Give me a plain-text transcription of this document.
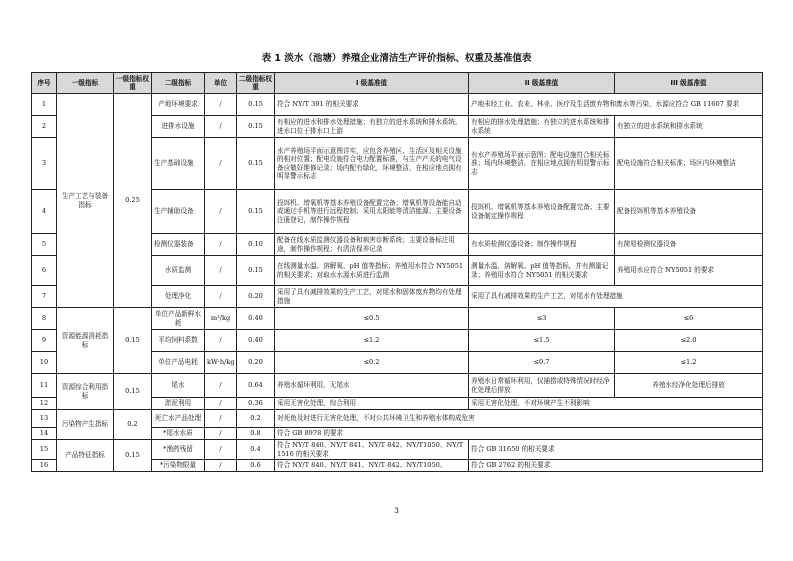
表 1 淡水（池塘）养殖企业清洁生产评价指标、权重及基准值表
序号	一级指标	一级指标权重	二级指标	单位	二级指标权重	I 级基准值	II 级基准值	III 级基准值
1	生产工艺与装备指标	0.25	产地环境要求	/	0.15	符合 NY/T 391 的相关要求	产地未经工业、农业、林业、医疗及生活废弃物和废水等污染，水源应符合 GB 11607 要求	
2			进排水设施	/	0.15	有相应的进水和排水处理措施；有独立的进水系统和排水系统，进水口位于排水口上游	有相应的排水处理措施；有独立的进水系统和排水系统	有独立的进水系统和排水系统
3			生产基础设施	/	0.15	水产养殖场平面示意图详实，应包含养殖区、生活区及相关设施的相对位置；配电设施符合电力配置标准，与生产产关的电气设备应做好维修记录；场内配有绿化，环境整洁，在相应地点拥有明显警示标志	有水产养殖场平面示意图；配电设施符合相关标准；场内环境整洁，在相应地点拥有明显警示标志	配电设施符合相关标准；场区内环境整洁
4			生产辅助设备	/	0.15	投饵机、增氧机等基本养殖设备配置完备；增氧机等设备能自动或通过手机等进行远程控制；采用太阳能等清洁能源；主要设备注册登记，制作操作规程	投饵机、增氧机等基本养殖设备配置完备；主要设备制定操作规程	配备投饵机等基本养殖设备
5			检测仪器装备	/	0.10	配备在线水质监测仪器设备和病害诊断系统；主要设备标注用途，制作操作规程；有清洁保养记录	有水质检测仪器设备；制作操作规程	有简易检测仪器设备
6			水质监测	/	0.15	在线测量水温、溶解氧、pH 值等指标；养殖用水符合 NY5051 的相关要求；对取水水源水质进行监测	测量水温、溶解氧、pH 值等指标，并有测量记录；养殖用水符合 NY5051 的相关要求	养殖用水应符合 NY5051 的要求
7			处理净化	/	0.20	采用了具有减排效果的生产工艺，对尾水和固体废弃物均有处理措施	采用了具有减排效果的生产工艺，对尾水有处理措施	
8	资源能源消耗指标	0.15	单位产品新鲜水耗	m³/kg	0.40	≤0.5	≤3	≤6
9			平均饲料系数	/	0.40	≤1.2	≤1.5	≤2.0
10			单位产品电耗	kW·h/kg	0.20	≤0.2	≤0.7	≤1.2
11	资源综合利用指标	0.15	尾水	/	0.64	养殖水循环利用，无尾水	养殖水日常循环利用，仅捕捞或特殊情况时经净化处理后排放	养殖水经净化处理后排放
12			淤泥利用	/	0.36	采用无害化处理，综合利用	采用无害化处理，不对环境产生不利影响	
13	污染物产生指标	0.2	死亡水产品处理	/	0.2	对死鱼及时进行无害化处理，不对公共环境卫生和养殖水体构成危害		
14			*尾水水质	/	0.8	符合 GB 8978 的要求		
15	产品特征指标	0.15	*渔药残留	/	0.4	符合 NY/T 840、NY/T 841、NY/T 842、NY/T1050、NY/T 1516 的相关要求	符合 GB 31650 的相关要求	
16			*污染物限量	/	0.6	符合 NY/T 840、NY/T 841、NY/T 842、NY/T1050、	符合 GB 2762 的相关要求	
3
